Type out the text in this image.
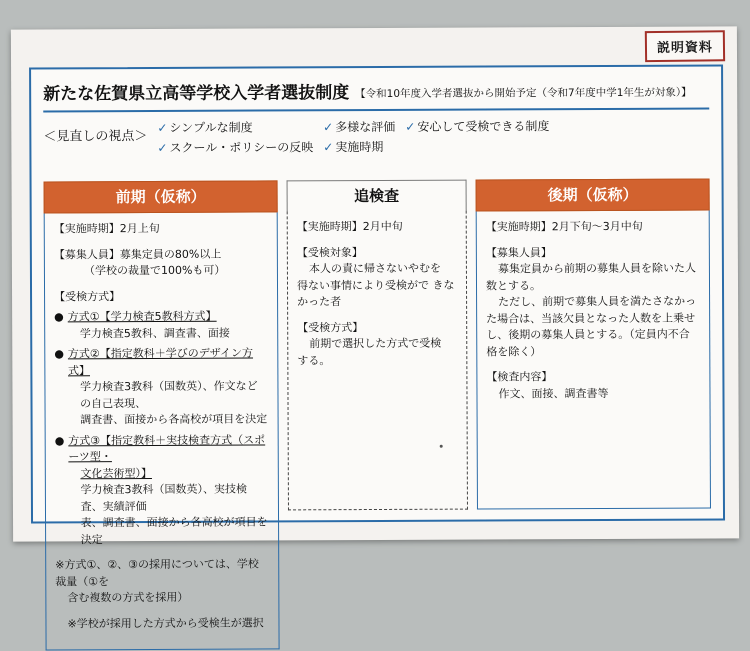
説明資料
新たな佐賀県立高等学校入学者選抜制度 【令和10年度入学者選抜から開始予定（令和7年度中学1年生が対象）】
＜見直しの視点＞
✓ シンプルな制度
✓ スクール・ポリシーの反映
✓ 多様な評価
✓ 実施時期
✓ 安心して受検できる制度
前期（仮称）
【実施時期】2月上旬
【募集人員】募集定員の80%以上
（学校の裁量で100%も可）
【受検方式】
● 方式①【学力検査5教科方式】
学力検査5教科、調査書、面接
● 方式②【指定教科＋学びのデザイン方式】
学力検査3教科（国数英）、作文などの自己表現、
調査書、面接から各高校が項目を決定
● 方式③【指定教科＋実技検査方式（スポーツ型・
文化芸術型）】
学力検査3教科（国数英）、実技検査、実績評価
表、調査書、面接から各高校が項目を決定
※方式①、②、③の採用については、学校裁量（①を
含む複数の方式を採用）
※学校が採用した方式から受検生が選択
追検査
【実施時期】2月中旬
【受検対象】
本人の責に帰さないやむを
得ない事情により受検がで きなかった者
【受検方式】
前期で選択した方式で受検
する。
後期（仮称）
【実施時期】2月下旬～3月中旬
【募集人員】
募集定員から前期の募集人員を除いた人
数とする。
ただし、前期で募集人員を満たさなかっ
た場合は、当該欠員となった人数を上乗せ し、後期の募集人員とする。（定員内不合 格を除く）
【検査内容】
作文、面接、調査書等
